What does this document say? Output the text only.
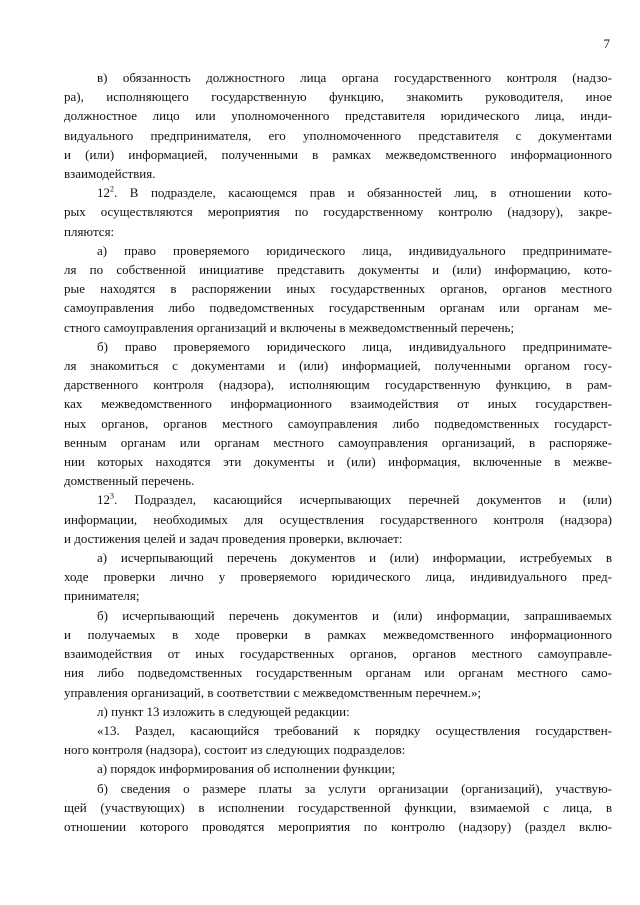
7
в) обязанность должностного лица органа государственного контроля (надзо-
ра), исполняющего государственную функцию, знакомить руководителя, иное
должностное лицо или уполномоченного представителя юридического лица, инди-
видуального предпринимателя, его уполномоченного представителя с документами
и (или) информацией, полученными в рамках межведомственного информационного
взаимодействия.
$12^2$. В подразделе, касающемся прав и обязанностей лиц, в отношении кото-
рых осуществляются мероприятия по государственному контролю (надзору), закре-
пляются:
а) право проверяемого юридического лица, индивидуального предпринимате-
ля по собственной инициативе представить документы и (или) информацию, кото-
рые находятся в распоряжении иных государственных органов, органов местного
самоуправления либо подведомственных государственным органам или органам ме-
стного самоуправления организаций и включены в межведомственный перечень;
б) право проверяемого юридического лица, индивидуального предпринимате-
ля знакомиться с документами и (или) информацией, полученными органом госу-
дарственного контроля (надзора), исполняющим государственную функцию, в рам-
ках межведомственного информационного взаимодействия от иных государствен-
ных органов, органов местного самоуправления либо подведомственных государст-
венным органам или органам местного самоуправления организаций, в распоряже-
нии которых находятся эти документы и (или) информация, включенные в межве-
домственный перечень.
$12^3$. Подраздел, касающийся исчерпывающих перечней документов и (или)
информации, необходимых для осуществления государственного контроля (надзора)
и достижения целей и задач проведения проверки, включает:
а) исчерпывающий перечень документов и (или) информации, истребуемых в
ходе проверки лично у проверяемого юридического лица, индивидуального пред-
принимателя;
б) исчерпывающий перечень документов и (или) информации, запрашиваемых
и получаемых в ходе проверки в рамках межведомственного информационного
взаимодействия от иных государственных органов, органов местного самоуправле-
ния либо подведомственных государственным органам или органам местного само-
управления организаций, в соответствии с межведомственным перечнем.»;
л) пункт 13 изложить в следующей редакции:
«13. Раздел, касающийся требований к порядку осуществления государствен-
ного контроля (надзора), состоит из следующих подразделов:
а) порядок информирования об исполнении функции;
б) сведения о размере платы за услуги организации (организаций), участвую-
щей (участвующих) в исполнении государственной функции, взимаемой с лица, в
отношении которого проводятся мероприятия по контролю (надзору) (раздел вклю-
